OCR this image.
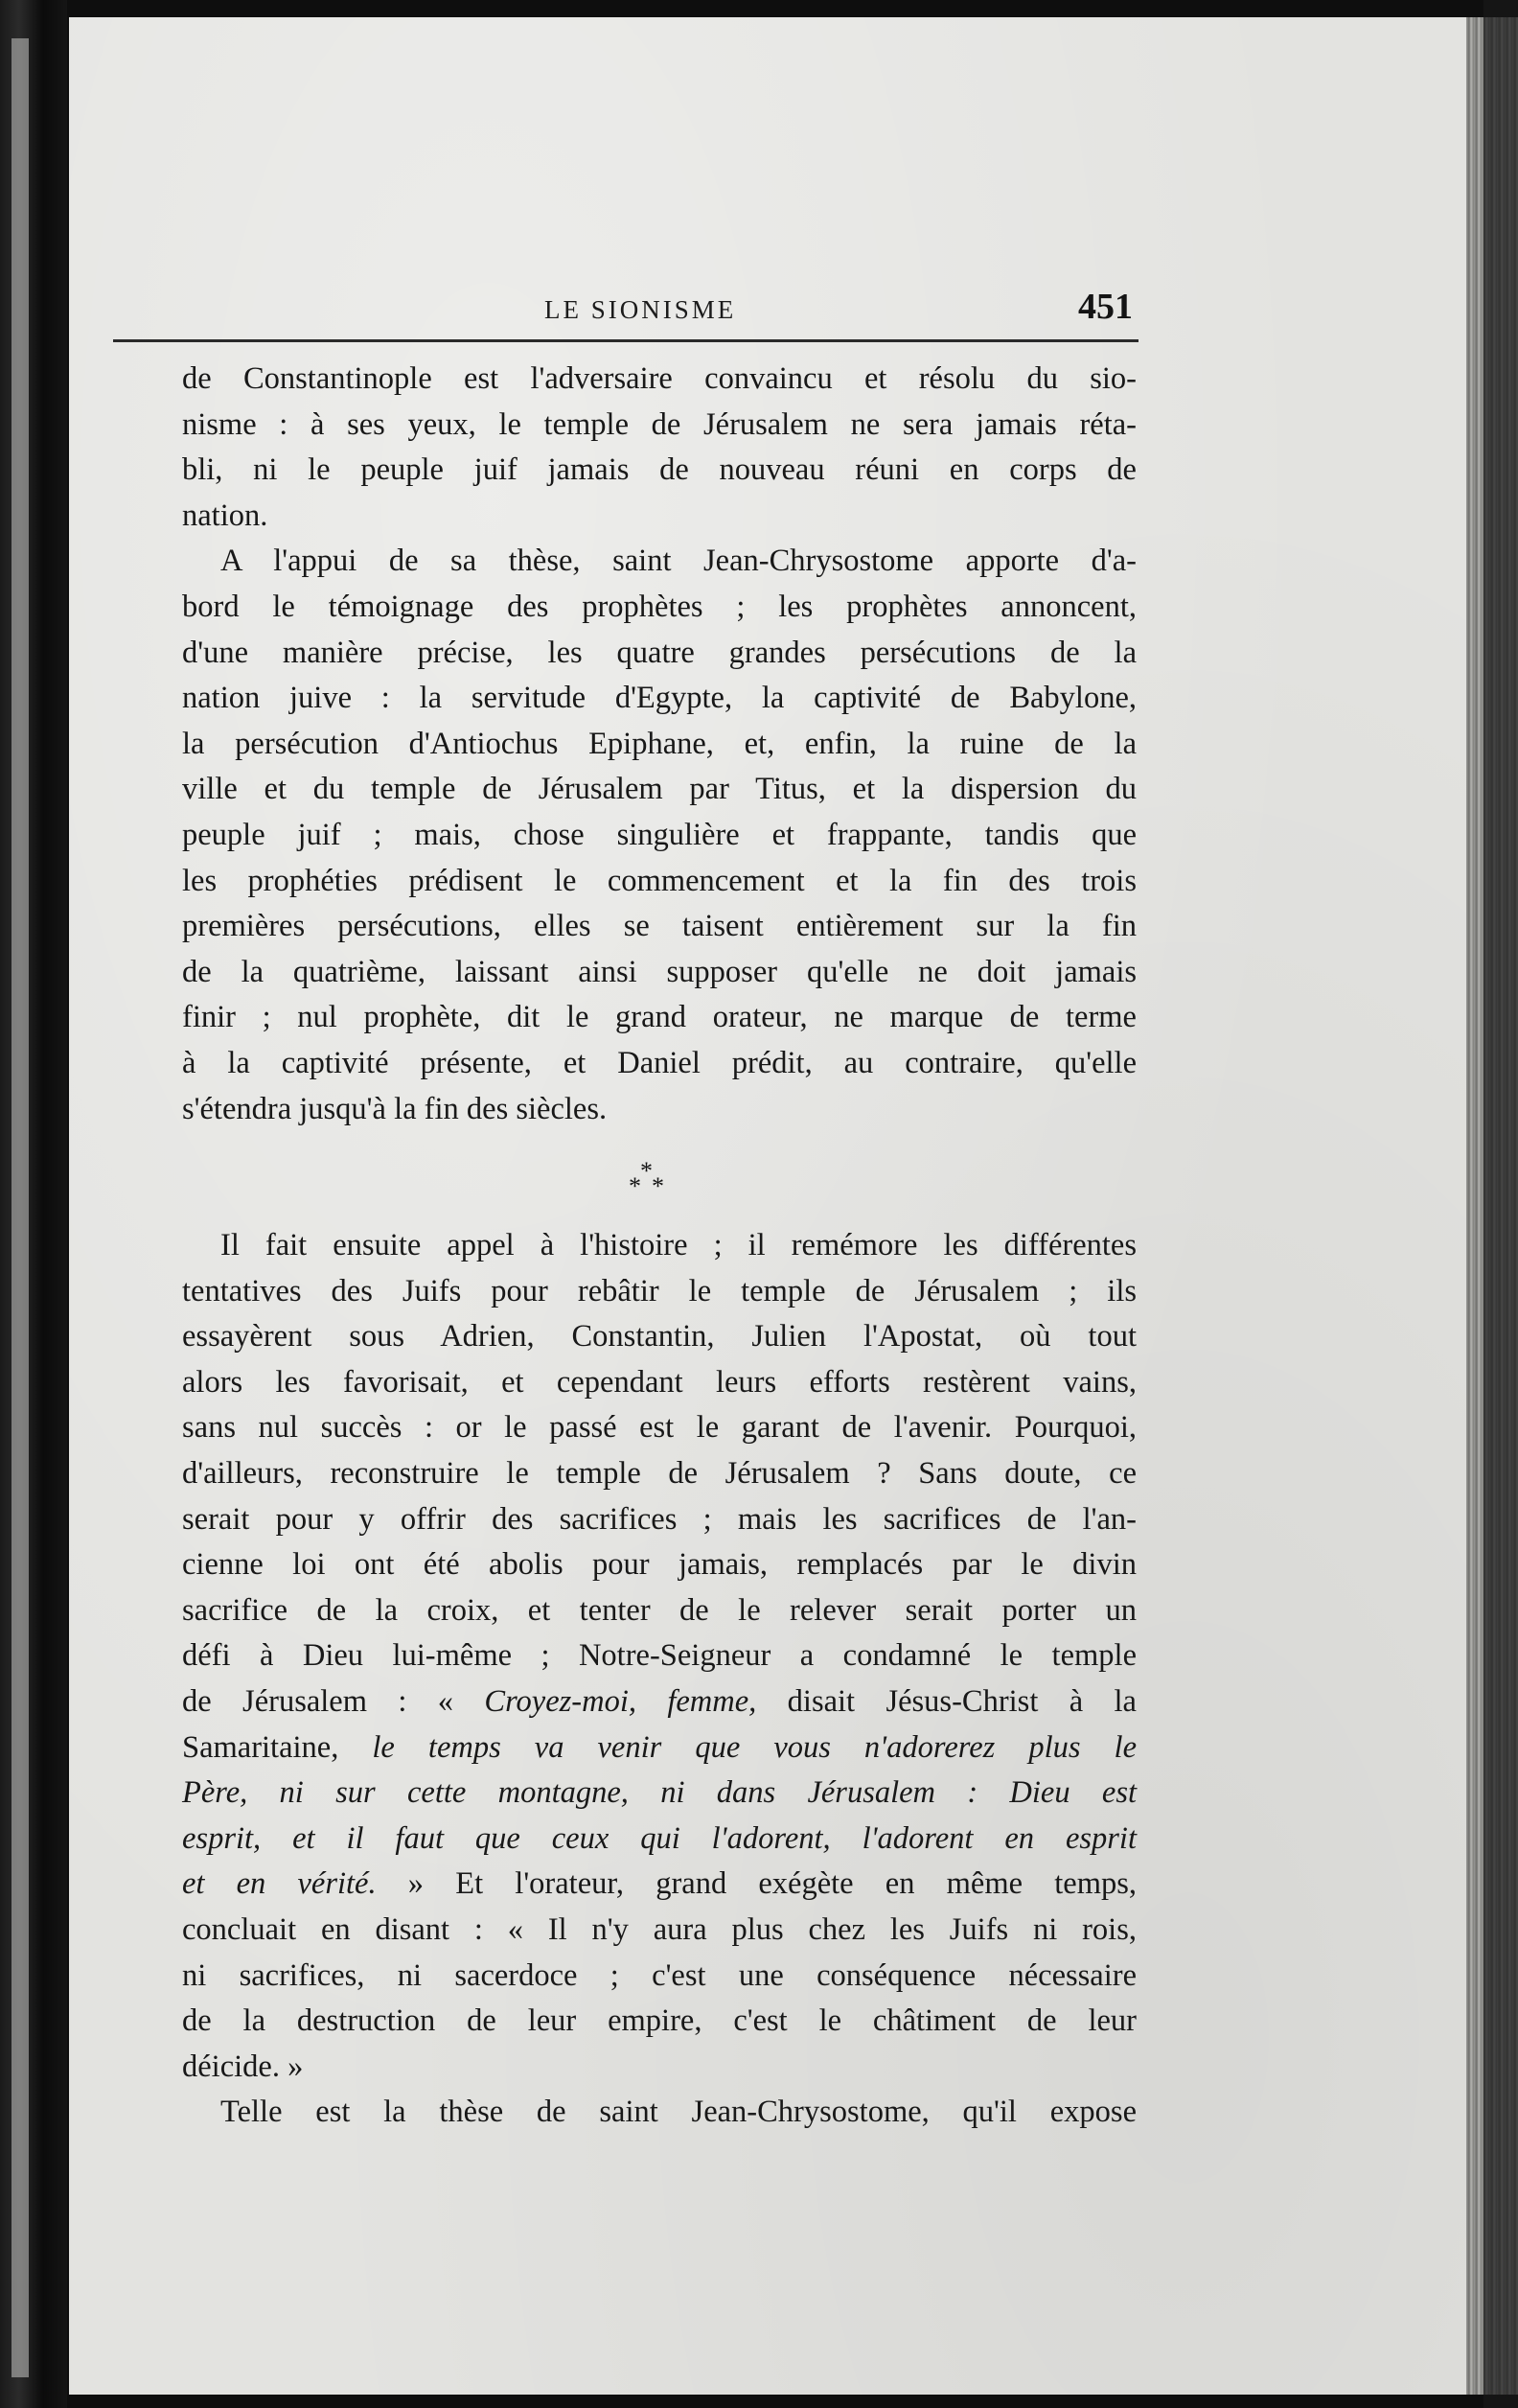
LE SIONISME	451
de Constantinople est l'adversaire convaincu et résolu du sio-
nisme : à ses yeux, le temple de Jérusalem ne sera jamais réta-
bli, ni le peuple juif jamais de nouveau réuni en corps de
nation.
A l'appui de sa thèse, saint Jean-Chrysostome apporte d'a-
bord le témoignage des prophètes ; les prophètes annoncent,
d'une manière précise, les quatre grandes persécutions de la
nation juive : la servitude d'Egypte, la captivité de Babylone,
la persécution d'Antiochus Epiphane, et, enfin, la ruine de la
ville et du temple de Jérusalem par Titus, et la dispersion du
peuple juif ; mais, chose singulière et frappante, tandis que
les prophéties prédisent le commencement et la fin des trois
premières persécutions, elles se taisent entièrement sur la fin
de la quatrième, laissant ainsi supposer qu'elle ne doit jamais
finir ; nul prophète, dit le grand orateur, ne marque de terme
à la captivité présente, et Daniel prédit, au contraire, qu'elle
s'étendra jusqu'à la fin des siècles.
*
* *
Il fait ensuite appel à l'histoire ; il remémore les différentes
tentatives des Juifs pour rebâtir le temple de Jérusalem ; ils
essayèrent sous Adrien, Constantin, Julien l'Apostat, où tout
alors les favorisait, et cependant leurs efforts restèrent vains,
sans nul succès : or le passé est le garant de l'avenir. Pourquoi,
d'ailleurs, reconstruire le temple de Jérusalem ? Sans doute, ce
serait pour y offrir des sacrifices ; mais les sacrifices de l'an-
cienne loi ont été abolis pour jamais, remplacés par le divin
sacrifice de la croix, et tenter de le relever serait porter un
défi à Dieu lui-même ; Notre-Seigneur a condamné le temple
de Jérusalem : « Croyez-moi, femme, disait Jésus-Christ à la
Samaritaine, le temps va venir que vous n'adorerez plus le
Père, ni sur cette montagne, ni dans Jérusalem : Dieu est
esprit, et il faut que ceux qui l'adorent, l'adorent en esprit
et en vérité. » Et l'orateur, grand exégète en même temps,
concluait en disant : « Il n'y aura plus chez les Juifs ni rois,
ni sacrifices, ni sacerdoce ; c'est une conséquence nécessaire
de la destruction de leur empire, c'est le châtiment de leur
déicide. »
Telle est la thèse de saint Jean-Chrysostome, qu'il expose
